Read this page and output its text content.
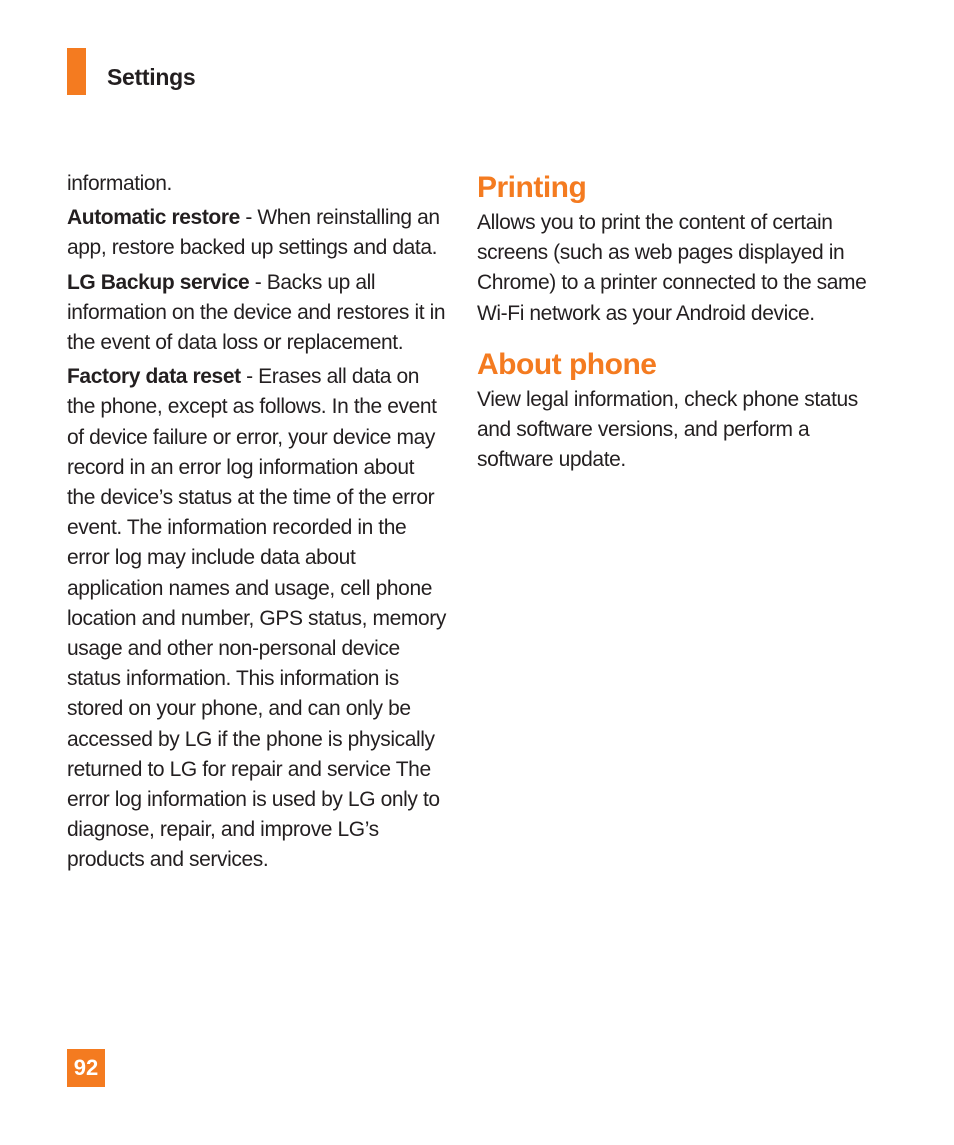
Settings

information.

Automatic restore - When reinstalling an app, restore backed up settings and data.

LG Backup service - Backs up all information on the device and restores it in the event of data loss or replacement.

Factory data reset - Erases all data on the phone, except as follows. In the event of device failure or error, your device may record in an error log information about the device’s status at the time of the error event. The information recorded in the error log may include data about application names and usage, cell phone location and number, GPS status, memory usage and other non-personal device status information. This information is stored on your phone, and can only be accessed by LG if the phone is physically returned to LG for repair and service The error log information is used by LG only to diagnose, repair, and improve LG’s products and services.

Printing

Allows you to print the content of certain screens (such as web pages displayed in Chrome) to a printer connected to the same Wi-Fi network as your Android device.

About phone

View legal information, check phone status and software versions, and perform a software update.

92
